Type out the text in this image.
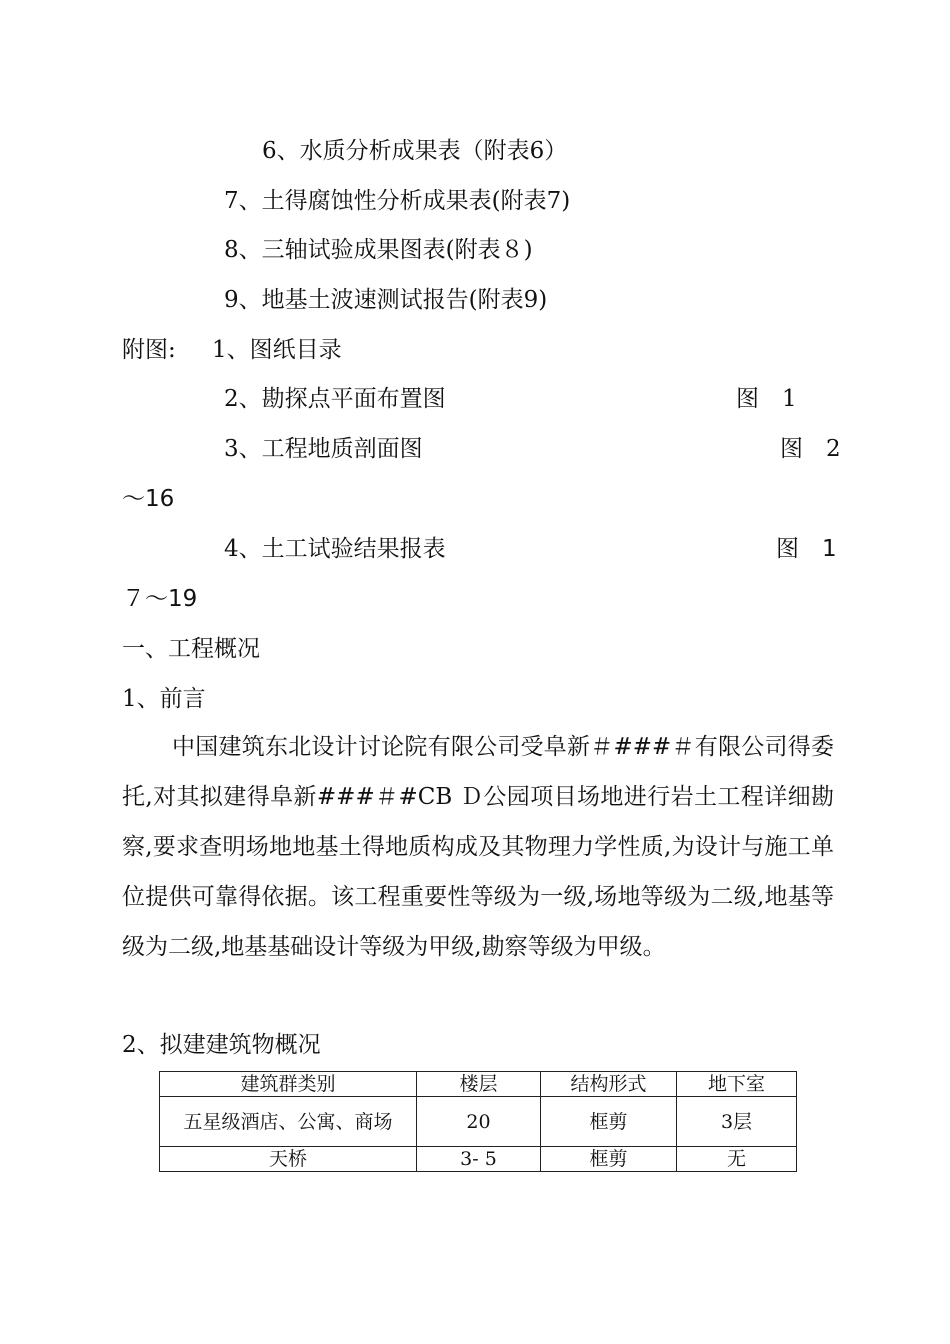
6、水质分析成果表（附表6）
7、土得腐蚀性分析成果表(附表7)
8、三轴试验成果图表(附表８)
9、地基土波速测试报告(附表9)
附图: 1、图纸目录
2、勘探点平面布置图	图　1
3、工程地质剖面图	图　2
～16
4、土工试验结果报表	图　1
７～19
一、工程概况
1、前言
中国建筑东北设计讨论院有限公司受阜新＃###＃有限公司得委托,对其拟建得阜新###＃#CB Ｄ公园项目场地进行岩土工程详细勘察,要求查明场地地基土得地质构成及其物理力学性质,为设计与施工单位提供可靠得依据。该工程重要性等级为一级,场地等级为二级,地基等级为二级,地基基础设计等级为甲级,勘察等级为甲级。
2、拟建建筑物概况
建筑群类别	楼层	结构形式	地下室
五星级酒店、公寓、商场	20	框剪	3层
天桥	3- 5	框剪	无
